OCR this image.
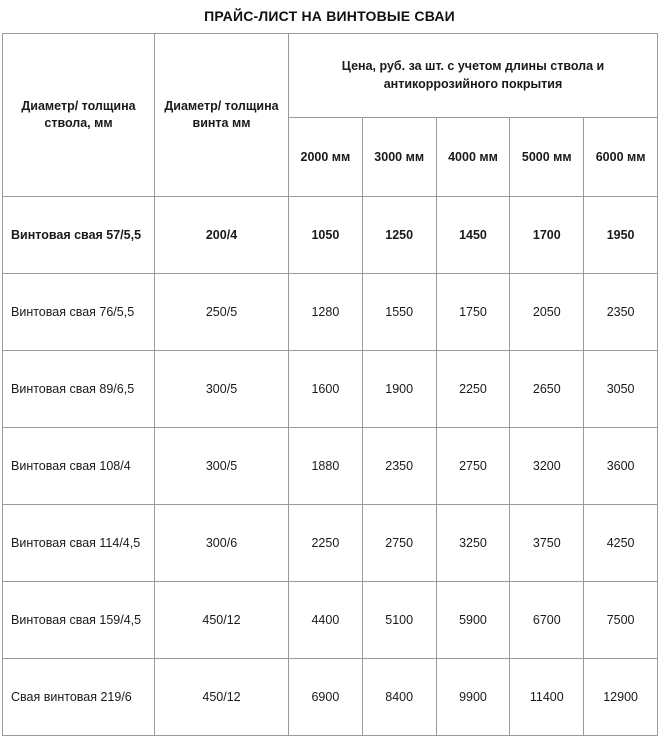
ПРАЙС-ЛИСТ НА ВИНТОВЫЕ СВАИ
Диаметр/ толщина ствола, мм	Диаметр/ толщина винта мм	Цена, руб. за шт. с учетом длины ствола и антикоррозийного покрытия				
		2000 мм	3000 мм	4000 мм	5000 мм	6000 мм
Винтовая свая 57/5,5	200/4	1050	1250	1450	1700	1950
Винтовая свая 76/5,5	250/5	1280	1550	1750	2050	2350
Винтовая свая 89/6,5	300/5	1600	1900	2250	2650	3050
Винтовая свая 108/4	300/5	1880	2350	2750	3200	3600
Винтовая свая 114/4,5	300/6	2250	2750	3250	3750	4250
Винтовая свая 159/4,5	450/12	4400	5100	5900	6700	7500
Свая винтовая 219/6	450/12	6900	8400	9900	11400	12900
